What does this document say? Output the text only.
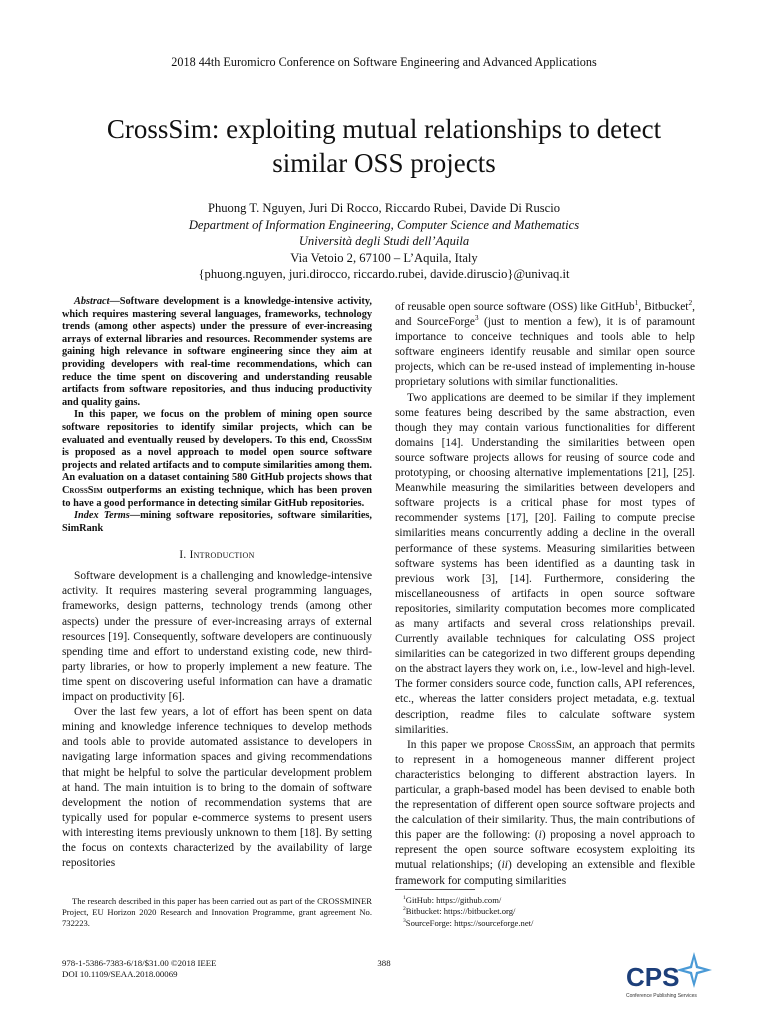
2018 44th Euromicro Conference on Software Engineering and Advanced Applications
CrossSim: exploiting mutual relationships to detect
similar OSS projects
Phuong T. Nguyen, Juri Di Rocco, Riccardo Rubei, Davide Di Ruscio
Department of Information Engineering, Computer Science and Mathematics
Università degli Studi dell’Aquila
Via Vetoio 2, 67100 – L’Aquila, Italy
{phuong.nguyen, juri.dirocco, riccardo.rubei, davide.diruscio}@univaq.it

Abstract—Software development is a knowledge-intensive activity, which requires mastering several languages, frameworks, technology trends (among other aspects) under the pressure of ever-increasing arrays of external libraries and resources. Recommender systems are gaining high relevance in software engineering since they aim at providing developers with real-time recommendations, which can reduce the time spent on discovering and understanding reusable artifacts from software repositories, and thus inducing productivity and quality gains.

In this paper, we focus on the problem of mining open source software repositories to identify similar projects, which can be evaluated and eventually reused by developers. To this end, CrossSim is proposed as a novel approach to model open source software projects and related artifacts and to compute similarities among them. An evaluation on a dataset containing 580 GitHub projects shows that CrossSim outperforms an existing technique, which has been proven to have a good performance in detecting similar GitHub repositories.

Index Terms—mining software repositories, software similarities, SimRank

I. Introduction

Software development is a challenging and knowledge-intensive activity. It requires mastering several programming languages, frameworks, design patterns, technology trends (among other aspects) under the pressure of ever-increasing arrays of external resources [19]. Consequently, software developers are continuously spending time and effort to understand existing code, new third-party libraries, or how to properly implement a new feature. The time spent on discovering useful information can have a dramatic impact on productivity [6].

Over the last few years, a lot of effort has been spent on data mining and knowledge inference techniques to develop methods and tools able to provide automated assistance to developers in navigating large information spaces and giving recommendations that might be helpful to solve the particular development problem at hand. The main intuition is to bring to the domain of software development the notion of recommendation systems that are typically used for popular e-commerce systems to present users with interesting items previously unknown to them [18]. By setting the focus on contexts characterized by the availability of large repositories

of reusable open source software (OSS) like GitHub$^1$, Bitbucket$^2$, and SourceForge$^3$ (just to mention a few), it is of paramount importance to conceive techniques and tools able to help software engineers identify reusable and similar open source projects, which can be re-used instead of implementing in-house proprietary solutions with similar functionalities.

Two applications are deemed to be similar if they implement some features being described by the same abstraction, even though they may contain various functionalities for different domains [14]. Understanding the similarities between open source software projects allows for reusing of source code and prototyping, or choosing alternative implementations [21], [25]. Meanwhile measuring the similarities between developers and software projects is a critical phase for most types of recommender systems [17], [20]. Failing to compute precise similarities means concurrently adding a decline in the overall performance of these systems. Measuring similarities between software systems has been identified as a daunting task in previous work [3], [14]. Furthermore, considering the miscellaneousness of artifacts in open source software repositories, similarity computation becomes more complicated as many artifacts and several cross relationships prevail. Currently available techniques for calculating OSS project similarities can be categorized in two different groups depending on the abstract layers they work on, i.e., low-level and high-level. The former considers source code, function calls, API references, etc., whereas the latter considers project metadata, e.g. textual description, readme files to calculate software system similarities.

In this paper we propose CrossSim, an approach that permits to represent in a homogeneous manner different project characteristics belonging to different abstraction layers. In particular, a graph-based model has been devised to enable both the representation of different open source software projects and the calculation of their similarity. Thus, the main contributions of this paper are the following: (i) proposing a novel approach to represent the open source software ecosystem exploiting its mutual relationships; (ii) developing an extensible and flexible framework for computing similarities

The research described in this paper has been carried out as part of the CROSSMINER Project, EU Horizon 2020 Research and Innovation Programme, grant agreement No. 732223.

$^1$GitHub: https://github.com/
$^2$Bitbucket: https://bitbucket.org/
$^3$SourceForge: https://sourceforge.net/
978-1-5386-7383-6/18/$31.00 ©2018 IEEE
DOI 10.1109/SEAA.2018.00069
388	CPS
Conference Publishing Services
